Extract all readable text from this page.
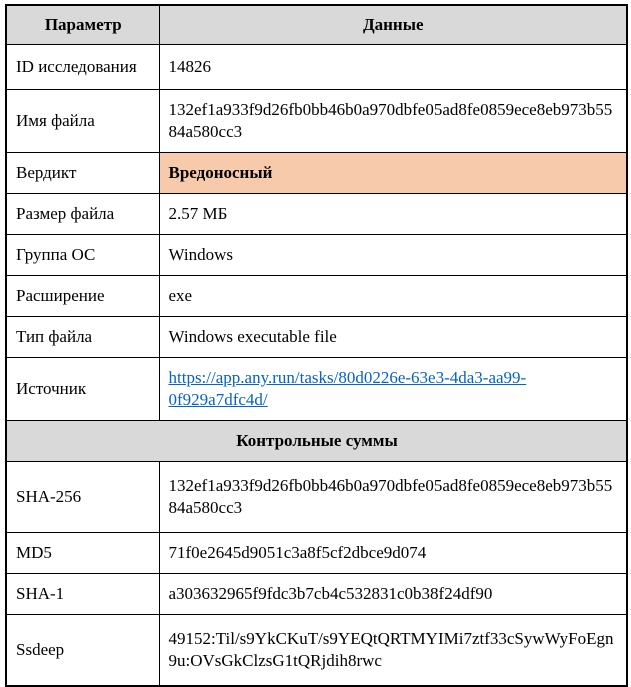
Параметр	Данные
ID исследования	14826
Имя файла	132ef1a933f9d26fb0bb46b0a970dbfe05ad8fe0859ece8eb973b5584a580cc3
Вердикт	Вредоносный
Размер файла	2.57 МБ
Группа ОС	Windows
Расширение	exe
Тип файла	Windows executable file
Источник	https://app.any.run/tasks/80d0226e-63e3-4da3-aa99-0f929a7dfc4d/
Контрольные суммы	
SHA-256	132ef1a933f9d26fb0bb46b0a970dbfe05ad8fe0859ece8eb973b5584a580cc3
MD5	71f0e2645d9051c3a8f5cf2dbce9d074
SHA-1	a303632965f9fdc3b7cb4c532831c0b38f24df90
Ssdeep	49152:Til/s9YkCKuT/s9YEQtQRTMYIMi7ztf33cSywWyFoEgn9u:OVsGkClzsG1tQRjdih8rwc
